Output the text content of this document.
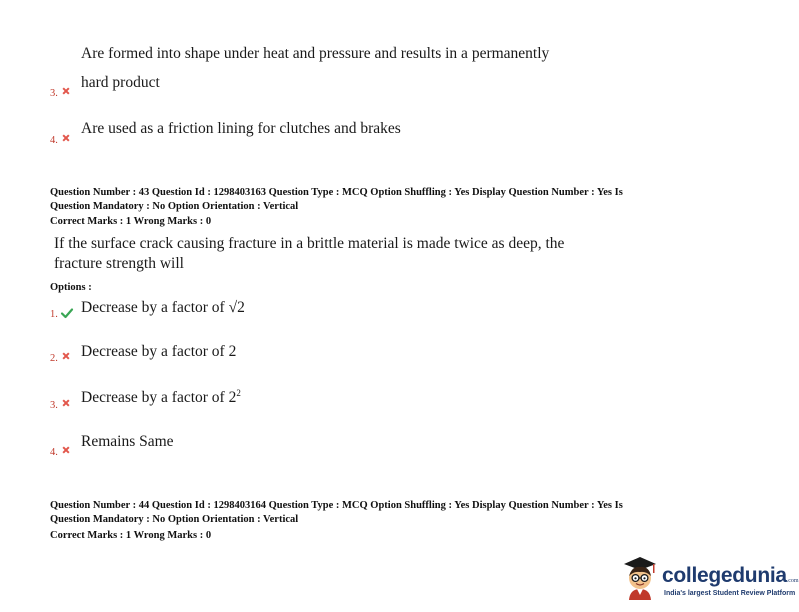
Are formed into shape under heat and pressure and results in a permanently
hard product
3.
Are used as a friction lining for clutches and brakes
4.
Question Number : 43 Question Id : 1298403163 Question Type : MCQ Option Shuffling : Yes Display Question Number : Yes Is
Question Mandatory : No Option Orientation : Vertical
Correct Marks : 1 Wrong Marks : 0
If the surface crack causing fracture in a brittle material is made twice as deep, the
fracture strength will
Options :
1.	Decrease by a factor of √2
2.	Decrease by a factor of 2
3.	Decrease by a factor of $2^2$
4.
Remains Same
Question Number : 44 Question Id : 1298403164 Question Type : MCQ Option Shuffling : Yes Display Question Number : Yes Is
Question Mandatory : No Option Orientation : Vertical
Correct Marks : 1 Wrong Marks : 0
collegedunia.com
India's largest Student Review Platform
